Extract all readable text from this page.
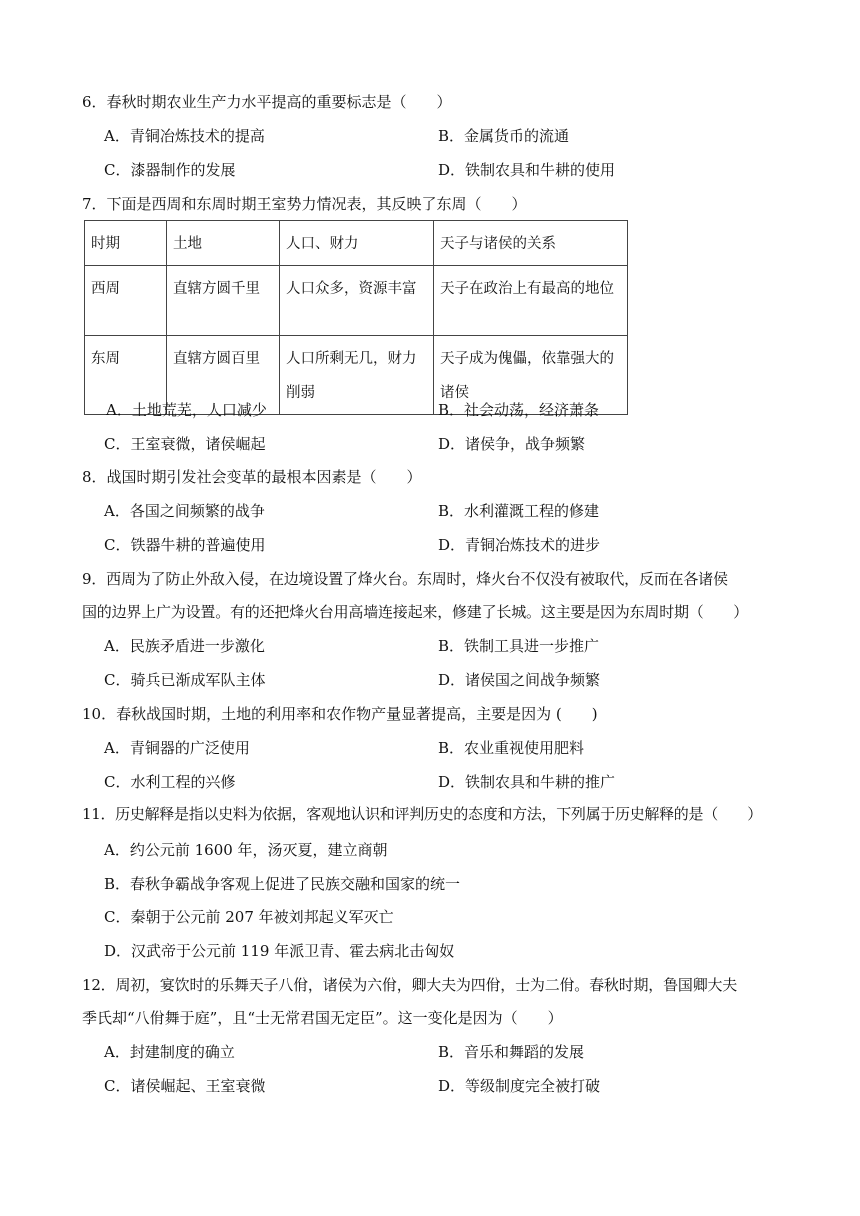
6．春秋时期农业生产力水平提高的重要标志是（　　）
A．青铜冶炼技术的提高	B．金属货币的流通
C．漆器制作的发展	D．铁制农具和牛耕的使用
7．下面是西周和东周时期王室势力情况表，其反映了东周（　　）
时期	土地	人口、财力	天子与诸侯的关系
西周	直辖方圆千里	人口众多，资源丰富	天子在政治上有最高的地位
东周	直辖方圆百里	人口所剩无几，财力削弱	天子成为傀儡，依靠强大的诸侯
A．土地荒芜，人口减少	B．社会动荡，经济萧条
C．王室衰微，诸侯崛起	D．诸侯争，战争频繁
8．战国时期引发社会变革的最根本因素是（　　）
A．各国之间频繁的战争	B．水利灌溉工程的修建
C．铁器牛耕的普遍使用	D．青铜冶炼技术的进步
9．西周为了防止外敌入侵，在边境设置了烽火台。东周时，烽火台不仅没有被取代，反而在各诸侯
国的边界上广为设置。有的还把烽火台用高墙连接起来，修建了长城。这主要是因为东周时期（　　）
A．民族矛盾进一步激化	B．铁制工具进一步推广
C．骑兵已渐成军队主体	D．诸侯国之间战争频繁
10．春秋战国时期，土地的利用率和农作物产量显著提高，主要是因为 (　　)
A．青铜器的广泛使用	B．农业重视使用肥料
C．水利工程的兴修	D．铁制农具和牛耕的推广
11．历史解释是指以史料为依据，客观地认识和评判历史的态度和方法，下列属于历史解释的是（　　）
A．约公元前 1600 年，汤灭夏，建立商朝
B．春秋争霸战争客观上促进了民族交融和国家的统一
C．秦朝于公元前 207 年被刘邦起义军灭亡
D．汉武帝于公元前 119 年派卫青、霍去病北击匈奴
12．周初，宴饮时的乐舞天子八佾，诸侯为六佾，卿大夫为四佾，士为二佾。春秋时期，鲁国卿大夫
季氏却“八佾舞于庭”，且“士无常君国无定臣”。这一变化是因为（　　）
A．封建制度的确立	B．音乐和舞蹈的发展
C．诸侯崛起、王室衰微	D．等级制度完全被打破
